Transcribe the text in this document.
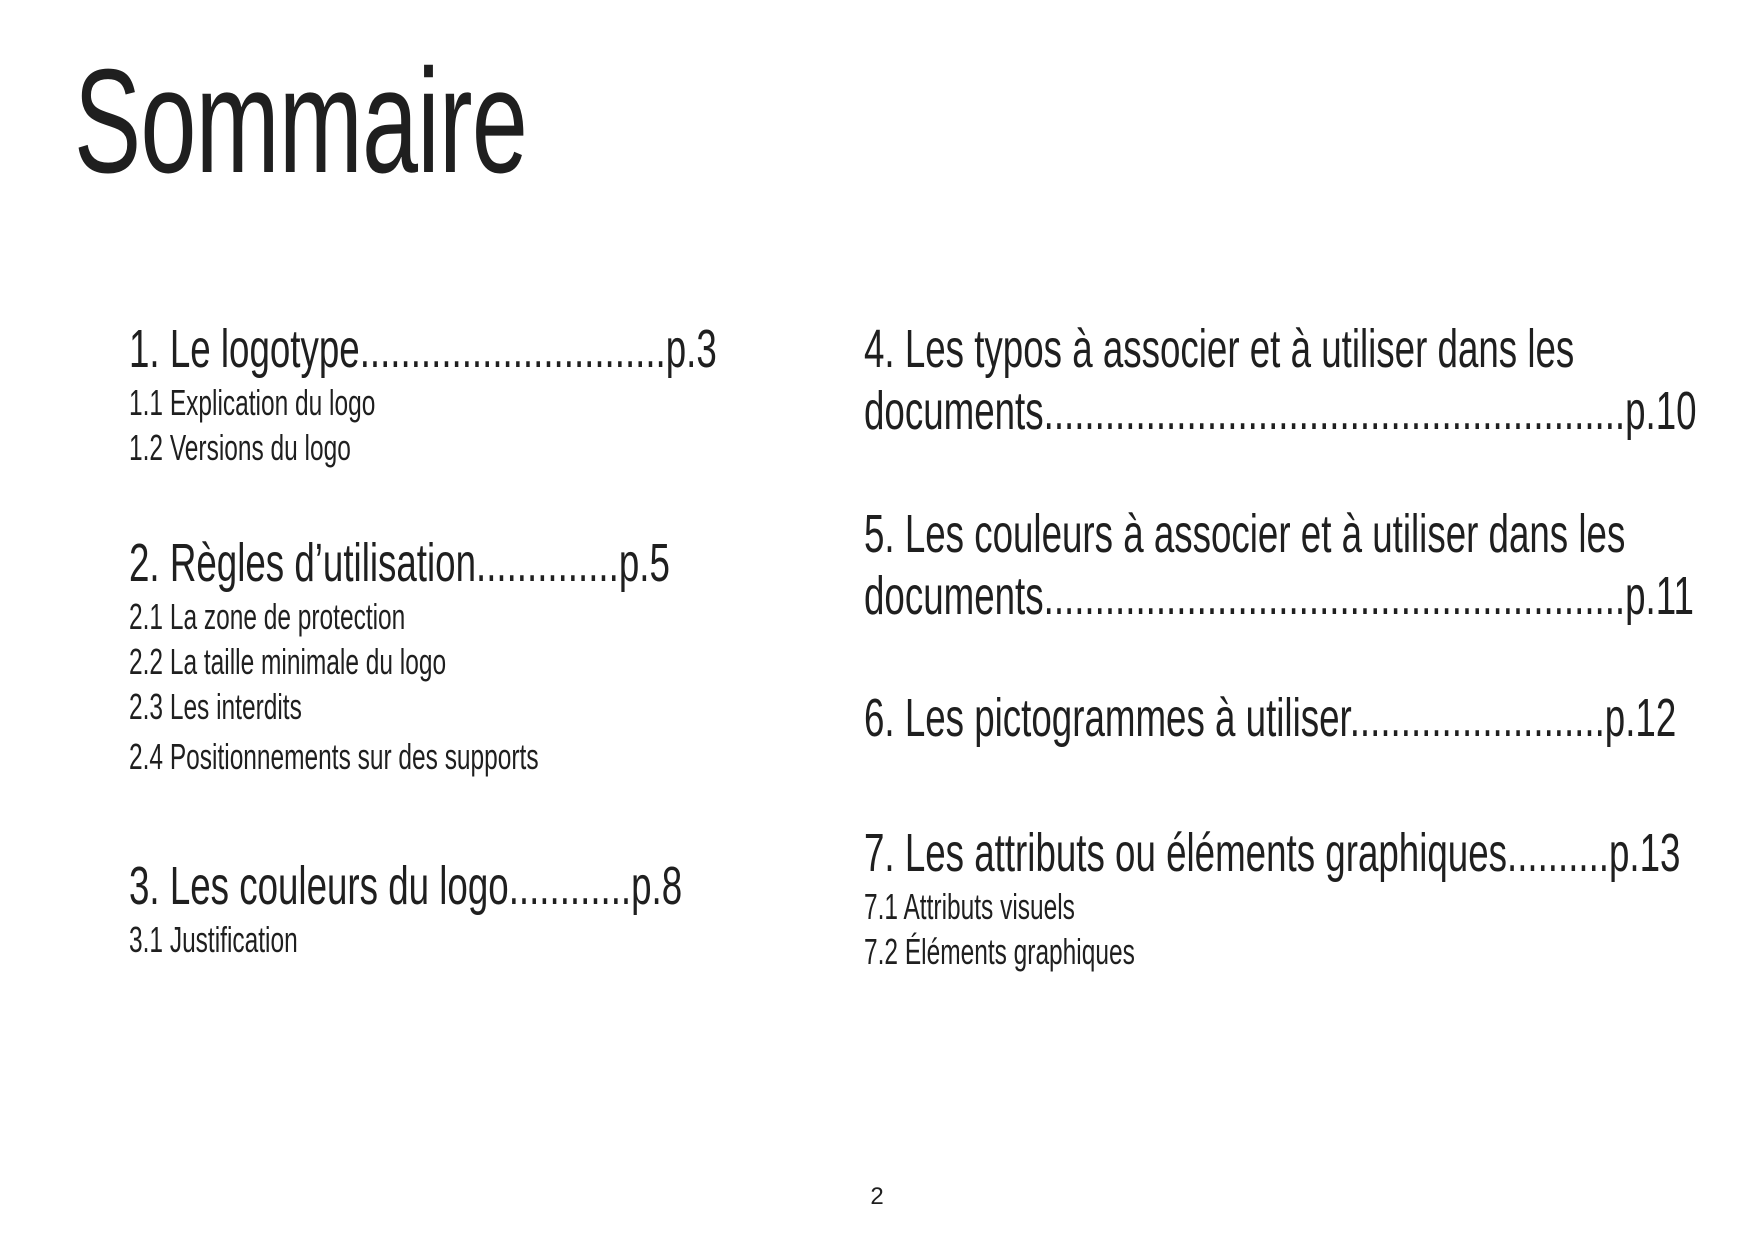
Sommaire
1. Le logotype..............................p.3
1.1 Explication du logo
1.2 Versions du logo
2. Règles d’utilisation..............p.5
2.1 La zone de protection
2.2 La taille minimale du logo
2.3 Les interdits
2.4 Positionnements sur des supports
3. Les couleurs du logo............p.8
3.1 Justification
4. Les typos à associer et à utiliser dans les
documents.........................................................p.10
5. Les couleurs à associer et à utiliser dans les
documents.........................................................p.11
6. Les pictogrammes à utiliser.........................p.12
7. Les attributs ou éléments graphiques..........p.13
7.1 Attributs visuels
7.2 Éléments graphiques
2
